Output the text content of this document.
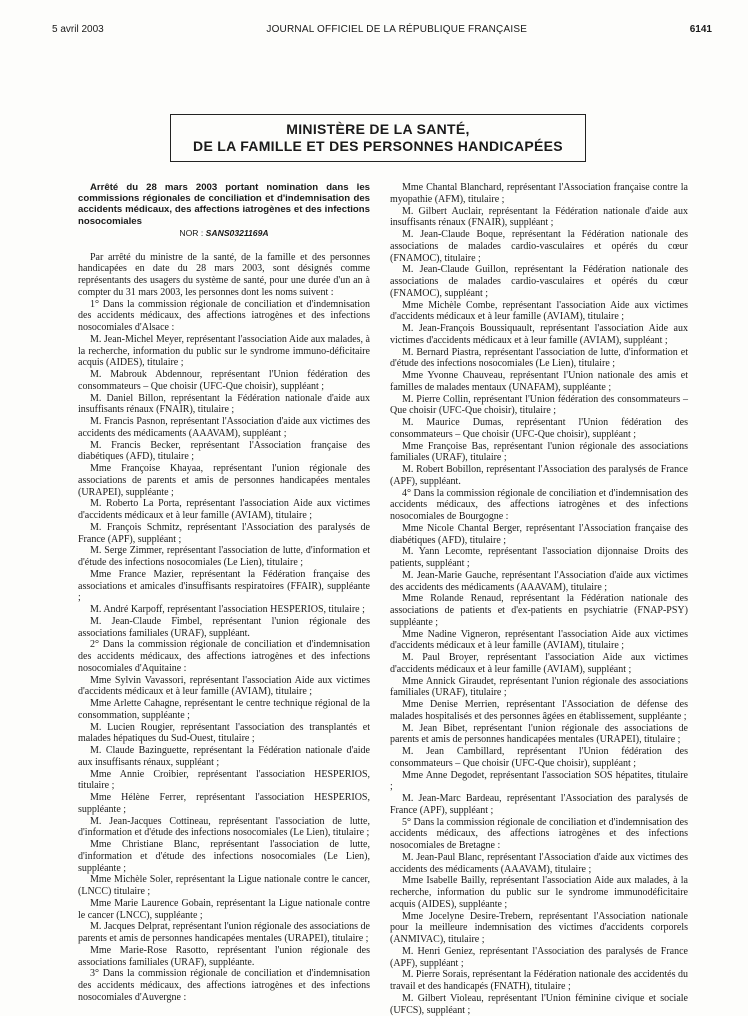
5 avril 2003	JOURNAL OFFICIEL DE LA RÉPUBLIQUE FRANÇAISE	6141
MINISTÈRE DE LA SANTÉ,
DE LA FAMILLE ET DES PERSONNES HANDICAPÉES

Arrêté du 28 mars 2003 portant nomination dans les commissions régionales de conciliation et d'indemnisation des accidents médicaux, des affections iatrogènes et des infections nosocomiales

NOR : SANS0321169A

Par arrêté du ministre de la santé, de la famille et des personnes handicapées en date du 28 mars 2003, sont désignés comme représentants des usagers du système de santé, pour une durée d'un an à compter du 31 mars 2003, les personnes dont les noms suivent :

1° Dans la commission régionale de conciliation et d'indemnisation des accidents médicaux, des affections iatrogènes et des infections nosocomiales d'Alsace :

M. Jean-Michel Meyer, représentant l'association Aide aux malades, à la recherche, information du public sur le syndrome immuno-déficitaire acquis (AIDES), titulaire ;

M. Mabrouk Abdennour, représentant l'Union fédération des consommateurs – Que choisir (UFC-Que choisir), suppléant ;

M. Daniel Billon, représentant la Fédération nationale d'aide aux insuffisants rénaux (FNAIR), titulaire ;

M. Francis Pasnon, représentant l'Association d'aide aux victimes des accidents des médicaments (AAAVAM), suppléant ;

M. Francis Becker, représentant l'Association française des diabétiques (AFD), titulaire ;

Mme Françoise Khayaa, représentant l'union régionale des associations de parents et amis de personnes handicapées mentales (URAPEI), suppléante ;

M. Roberto La Porta, représentant l'association Aide aux victimes d'accidents médicaux et à leur famille (AVIAM), titulaire ;

M. François Schmitz, représentant l'Association des paralysés de France (APF), suppléant ;

M. Serge Zimmer, représentant l'association de lutte, d'information et d'étude des infections nosocomiales (Le Lien), titulaire ;

Mme France Mazier, représentant la Fédération française des associations et amicales d'insuffisants respiratoires (FFAIR), suppléante ;

M. André Karpoff, représentant l'association HESPERIOS, titulaire ;

M. Jean-Claude Fimbel, représentant l'union régionale des associations familiales (URAF), suppléant.

2° Dans la commission régionale de conciliation et d'indemnisation des accidents médicaux, des affections iatrogènes et des infections nosocomiales d'Aquitaine :

Mme Sylvin Vavassori, représentant l'association Aide aux victimes d'accidents médicaux et à leur famille (AVIAM), titulaire ;

Mme Arlette Cahagne, représentant le centre technique régional de la consommation, suppléante ;

M. Lucien Rougier, représentant l'association des transplantés et malades hépatiques du Sud-Ouest, titulaire ;

M. Claude Bazinguette, représentant la Fédération nationale d'aide aux insuffisants rénaux, suppléant ;

Mme Annie Croibier, représentant l'association HESPERIOS, titulaire ;

Mme Hélène Ferrer, représentant l'association HESPERIOS, suppléante ;

M. Jean-Jacques Cottineau, représentant l'association de lutte, d'information et d'étude des infections nosocomiales (Le Lien), titulaire ;

Mme Christiane Blanc, représentant l'association de lutte, d'information et d'étude des infections nosocomiales (Le Lien), suppléante ;

Mme Michèle Soler, représentant la Ligue nationale contre le cancer, (LNCC) titulaire ;

Mme Marie Laurence Gobain, représentant la Ligue nationale contre le cancer (LNCC), suppléante ;

M. Jacques Delprat, représentant l'union régionale des associations de parents et amis de personnes handicapées mentales (URAPEI), titulaire ;

Mme Marie-Rose Rasotto, représentant l'union régionale des associations familiales (URAF), suppléante.

3° Dans la commission régionale de conciliation et d'indemnisation des accidents médicaux, des affections iatrogènes et des infections nosocomiales d'Auvergne :

Mme Chantal Blanchard, représentant l'Association française contre la myopathie (AFM), titulaire ;

M. Gilbert Auclair, représentant la Fédération nationale d'aide aux insuffisants rénaux (FNAIR), suppléant ;

M. Jean-Claude Boque, représentant la Fédération nationale des associations de malades cardio-vasculaires et opérés du cœur (FNAMOC), titulaire ;

M. Jean-Claude Guillon, représentant la Fédération nationale des associations de malades cardio-vasculaires et opérés du cœur (FNAMOC), suppléant ;

Mme Michèle Combe, représentant l'association Aide aux victimes d'accidents médicaux et à leur famille (AVIAM), titulaire ;

M. Jean-François Boussiquault, représentant l'association Aide aux victimes d'accidents médicaux et à leur famille (AVIAM), suppléant ;

M. Bernard Piastra, représentant l'association de lutte, d'information et d'étude des infections nosocomiales (Le Lien), titulaire ;

Mme Yvonne Chauveau, représentant l'Union nationale des amis et familles de malades mentaux (UNAFAM), suppléante ;

M. Pierre Collin, représentant l'Union fédération des consommateurs – Que choisir (UFC-Que choisir), titulaire ;

M. Maurice Dumas, représentant l'Union fédération des consommateurs – Que choisir (UFC-Que choisir), suppléant ;

Mme Françoise Bas, représentant l'union régionale des associations familiales (URAF), titulaire ;

M. Robert Bobillon, représentant l'Association des paralysés de France (APF), suppléant.

4° Dans la commission régionale de conciliation et d'indemnisation des accidents médicaux, des affections iatrogènes et des infections nosocomiales de Bourgogne :

Mme Nicole Chantal Berger, représentant l'Association française des diabétiques (AFD), titulaire ;

M. Yann Lecomte, représentant l'association dijonnaise Droits des patients, suppléant ;

M. Jean-Marie Gauche, représentant l'Association d'aide aux victimes des accidents des médicaments (AAAVAM), titulaire ;

Mme Rolande Renaud, représentant la Fédération nationale des associations de patients et d'ex-patients en psychiatrie (FNAP-PSY) suppléante ;

Mme Nadine Vigneron, représentant l'association Aide aux victimes d'accidents médicaux et à leur famille (AVIAM), titulaire ;

M. Paul Broyer, représentant l'association Aide aux victimes d'accidents médicaux et à leur famille (AVIAM), suppléant ;

Mme Annick Giraudet, représentant l'union régionale des associations familiales (URAF), titulaire ;

Mme Denise Merrien, représentant l'Association de défense des malades hospitalisés et des personnes âgées en établissement, suppléante ;

M. Jean Bibet, représentant l'union régionale des associations de parents et amis de personnes handicapées mentales (URAPEI), titulaire ;

M. Jean Cambillard, représentant l'Union fédération des consommateurs – Que choisir (UFC-Que choisir), suppléant ;

Mme Anne Degodet, représentant l'association SOS hépatites, titulaire ;

M. Jean-Marc Bardeau, représentant l'Association des paralysés de France (APF), suppléant ;

5° Dans la commission régionale de conciliation et d'indemnisation des accidents médicaux, des affections iatrogènes et des infections nosocomiales de Bretagne :

M. Jean-Paul Blanc, représentant l'Association d'aide aux victimes des accidents des médicaments (AAAVAM), titulaire ;

Mme Isabelle Bailly, représentant l'association Aide aux malades, à la recherche, information du public sur le syndrome immunodéficitaire acquis (AIDES), suppléante ;

Mme Jocelyne Desire-Trebern, représentant l'Association nationale pour la meilleure indemnisation des victimes d'accidents corporels (ANMIVAC), titulaire ;

M. Henri Geniez, représentant l'Association des paralysés de France (APF), suppléant ;

M. Pierre Sorais, représentant la Fédération nationale des accidentés du travail et des handicapés (FNATH), titulaire ;

M. Gilbert Violeau, représentant l'Union féminine civique et sociale (UFCS), suppléant ;
